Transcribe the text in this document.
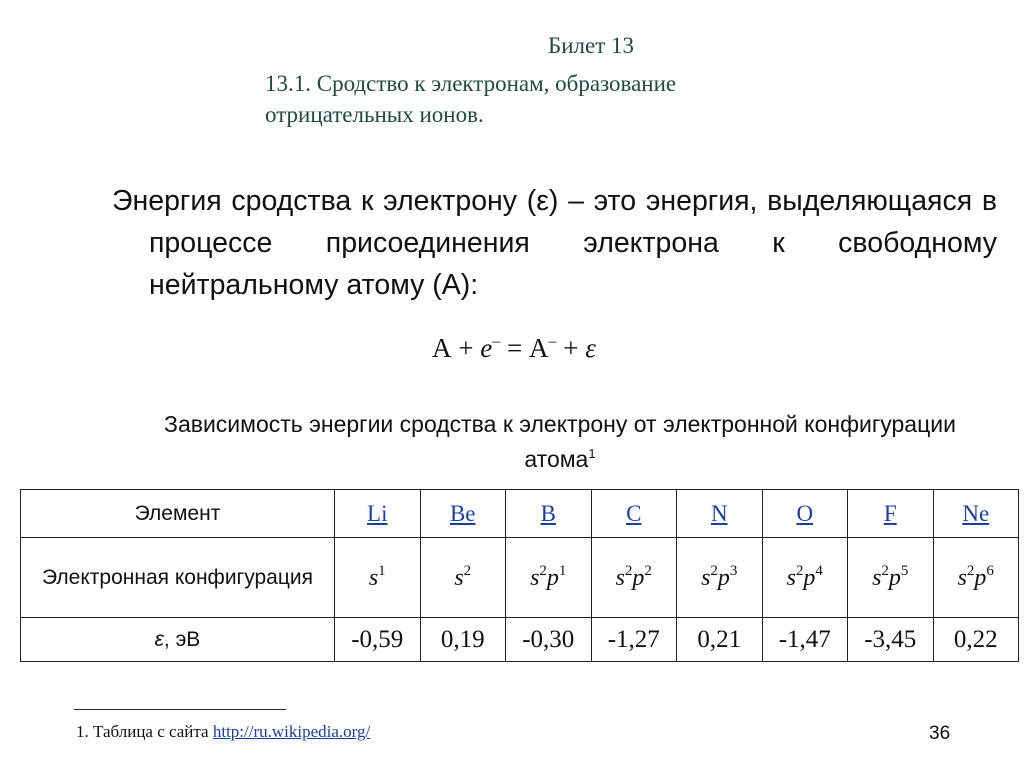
Билет 13
13.1. Сродство к электронам, образование отрицательных ионов.

Энергия сродства к электрону (ε) – это энергия, выделяющаяся в процессе присоединения электрона к свободному нейтральному атому (А):

А + e– = А– + ε
Зависимость энергии сродства к электрону от электронной конфигурации атома$^1$
Элемент	Li	Be	B	C	N	O	F	Ne
Электронная конфигурация	$s^1$	$s^2$	$s^2p^1$	$s^2p^2$	$s^2p^3$	$s^2p^4$	$s^2p^5$	$s^2p^6$
ε, эВ	-0,59	0,19	-0,30	-1,27	0,21	-1,47	-3,45	0,22
1. Таблица с сайта http://ru.wikipedia.org/	36
